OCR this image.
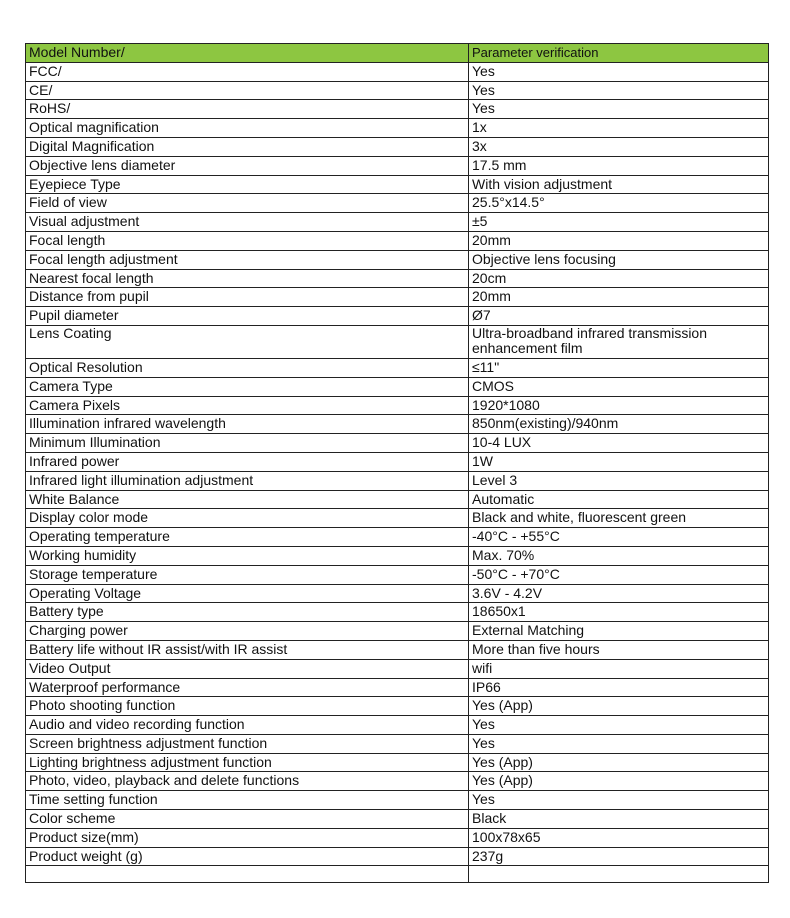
Model Number/	Parameter verification
FCC/	Yes
CE/	Yes
RoHS/	Yes
Optical magnification	1x
Digital Magnification	3x
Objective lens diameter	17.5 mm
Eyepiece Type	With vision adjustment
Field of view	25.5°x14.5°
Visual adjustment	±5
Focal length	20mm
Focal length adjustment	Objective lens focusing
Nearest focal length	20cm
Distance from pupil	20mm
Pupil diameter	Ø7
Lens Coating	Ultra-broadband infrared transmission enhancement film
Optical Resolution	≤11"
Camera Type	CMOS
Camera Pixels	1920*1080
Illumination infrared wavelength	850nm(existing)/940nm
Minimum Illumination	10-4 LUX
Infrared power	1W
Infrared light illumination adjustment	Level 3
White Balance	Automatic
Display color mode	Black and white, fluorescent green
Operating temperature	-40°C - +55°C
Working humidity	Max. 70%
Storage temperature	-50°C - +70°C
Operating Voltage	3.6V - 4.2V
Battery type	18650x1
Charging power	External Matching
Battery life without IR assist/with IR assist	More than five hours
Video Output	wifi
Waterproof performance	IP66
Photo shooting function	Yes (App)
Audio and video recording function	Yes
Screen brightness adjustment function	Yes
Lighting brightness adjustment function	Yes (App)
Photo, video, playback and delete functions	Yes (App)
Time setting function	Yes
Color scheme	Black
Product size(mm)	100x78x65
Product weight (g)	237g
